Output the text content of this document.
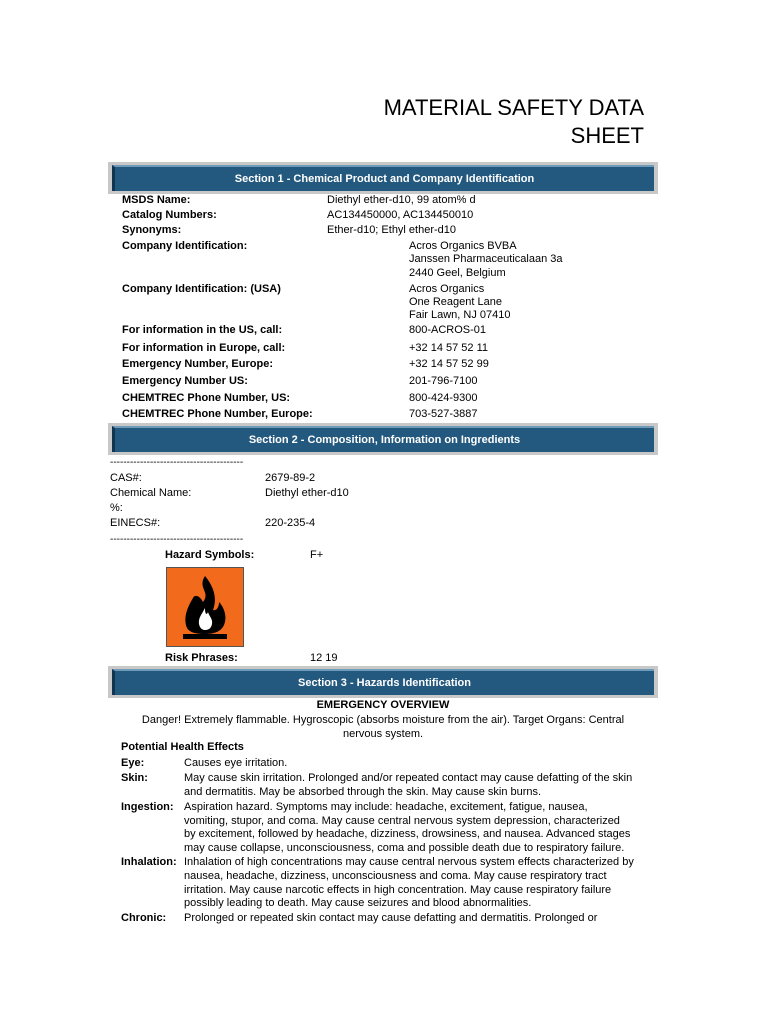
MATERIAL SAFETY DATA
SHEET
Section 1 - Chemical Product and Company Identification
MSDS Name:	Diethyl ether-d10, 99 atom% d
Catalog Numbers:	AC134450000, AC134450010
Synonyms:	Ether-d10; Ethyl ether-d10
Company Identification:	Acros Organics BVBA
Janssen Pharmaceuticalaan 3a
2440 Geel, Belgium
Company Identification: (USA)	Acros Organics
One Reagent Lane
Fair Lawn, NJ 07410
For information in the US, call:	800-ACROS-01
For information in Europe, call:	+32 14 57 52 11
Emergency Number, Europe:	+32 14 57 52 99
Emergency Number US:	201-796-7100
CHEMTREC Phone Number, US:	800-424-9300
CHEMTREC Phone Number, Europe:	703-527-3887
Section 2 - Composition, Information on Ingredients
----------------------------------------
CAS#:	2679-89-2
Chemical Name:	Diethyl ether-d10
%:
EINECS#:	220-235-4
----------------------------------------
Hazard Symbols:	F+
Risk Phrases:	12 19
Section 3 - Hazards Identification
EMERGENCY OVERVIEW
Danger! Extremely flammable. Hygroscopic (absorbs moisture from the air). Target Organs: Central
nervous system.
Potential Health Effects
Eye:	Causes eye irritation.
Skin:	May cause skin irritation. Prolonged and/or repeated contact may cause defatting of the skin
and dermatitis. May be absorbed through the skin. May cause skin burns.
Ingestion: Aspiration hazard. Symptoms may include: headache, excitement, fatigue, nausea,
vomiting, stupor, and coma. May cause central nervous system depression, characterized
by excitement, followed by headache, dizziness, drowsiness, and nausea. Advanced stages
may cause collapse, unconsciousness, coma and possible death due to respiratory failure.
Inhalation: Inhalation of high concentrations may cause central nervous system effects characterized by
nausea, headache, dizziness, unconsciousness and coma. May cause respiratory tract
irritation. May cause narcotic effects in high concentration. May cause respiratory failure
possibly leading to death. May cause seizures and blood abnormalities.
Chronic: Prolonged or repeated skin contact may cause defatting and dermatitis. Prolonged or
